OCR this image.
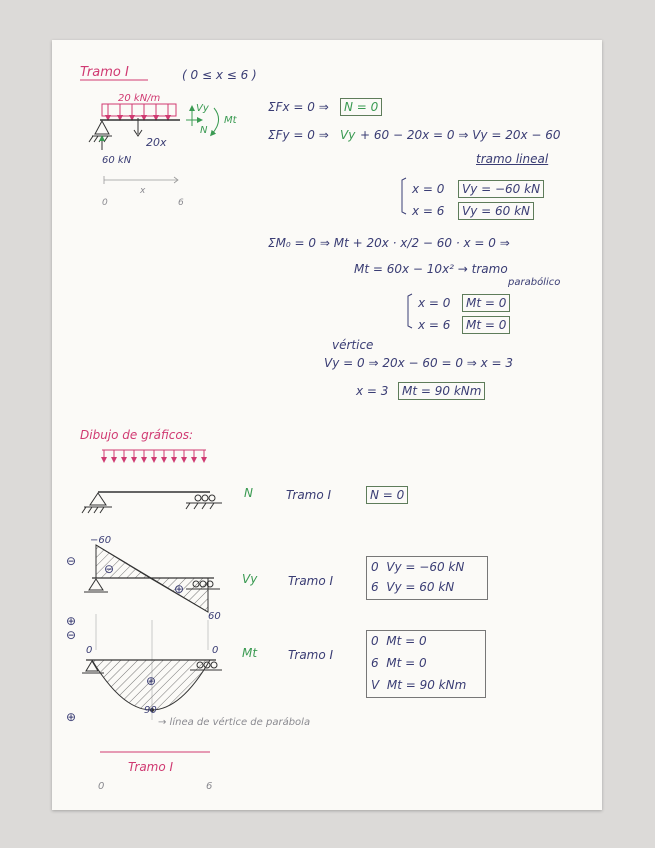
Tramo I	( 0 ≤ x ≤ 6 )
20 kN/m
20x
60 kN
Vy
N
Mt
x
0	6
ΣFx = 0 ⇒	N = 0
ΣFy = 0 ⇒ Vy + 60 − 20x = 0 ⇒ Vy = 20x − 60
tramo lineal
x = 0	Vy = −60 kN
x = 6	Vy = 60 kN
ΣM₀ = 0 ⇒ Mt + 20x · x/2 − 60 · x = 0 ⇒
Mt = 60x − 10x² → tramo
parabólico
x = 0	Mt = 0
x = 6	Mt = 0
vértice
Vy = 0 ⇒ 20x − 60 = 0 ⇒ x = 3
x = 3	Mt = 90 kNm
Dibujo de gráficos:
N	Tramo I	N = 0
−60
60
⊖
⊕
Vy	Tramo I
0 Vy = −60 kN
6 Vy = 60 kN
⊖
⊕
⊖
⊕
0	0
⊕
90
→ línea de vértice de parábola
Mt	Tramo I
0 Mt = 0
6 Mt = 0
V Mt = 90 kNm
Tramo I
0	6
